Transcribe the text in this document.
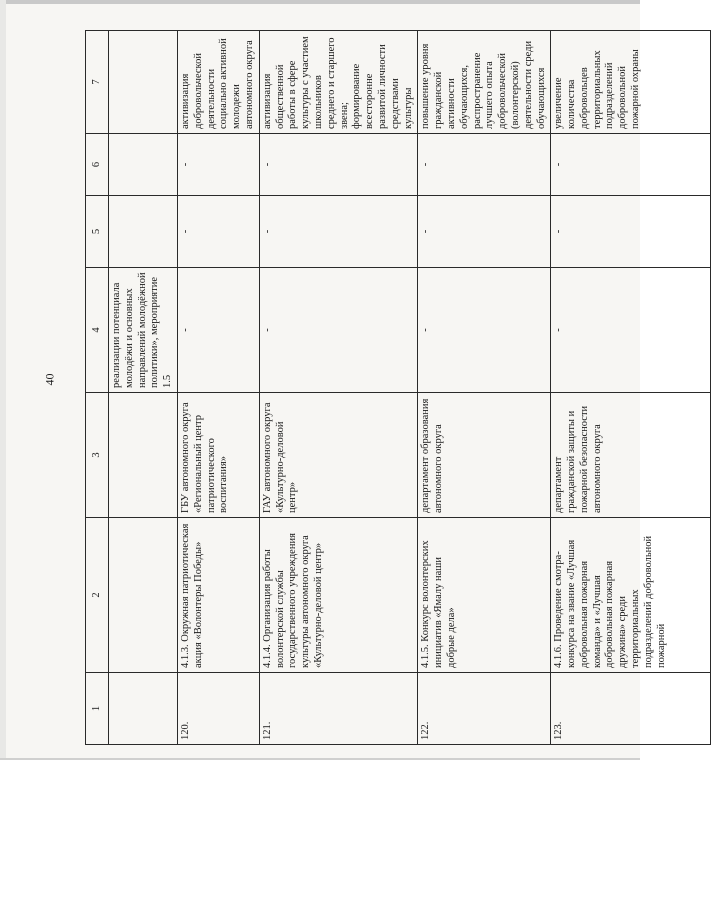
40
1	2	3	4	5	6	7
			реализации потенциала молодёжи и основных направлений молодёжной политики», мероприятие 1.5			
120.	4.1.3. Окружная патриотическая акция «Волонтеры Победы»	ГБУ автономного округа «Региональный центр патриотического воспитания»	-	-	-	активизация добровольческой деятельности социально активной молодежи автономного округа
121.	4.1.4. Организация работы волонтерской службы государственного учреждения культуры автономного округа «Культурно-деловой центр»	ГАУ автономного округа «Культурно-деловой центр»	-	-	-	активизация общественной работы в сфере культуры с участием школьников среднего и старшего звена; формирование всесторонне развитой личности средствами культуры
122.	4.1.5. Конкурс волонтерских инициатив «Ямалу наши добрые дела»	департамент образования автономного округа	-	-	-	повышение уровня гражданской активности обучающихся, распространение лучшего опыта добровольческой (волонтерской) деятельности среди обучающихся
123.	4.1.6. Проведение смотра-конкурса на звание «Лучшая добровольная пожарная команда» и «Лучшая добровольная пожарная дружина» среди территориальных подразделений добровольной пожарной	департамент гражданской защиты и пожарной безопасности автономного округа	-	-	-	увеличение количества добровольцев территориальных подразделений добровольной пожарной охраны
